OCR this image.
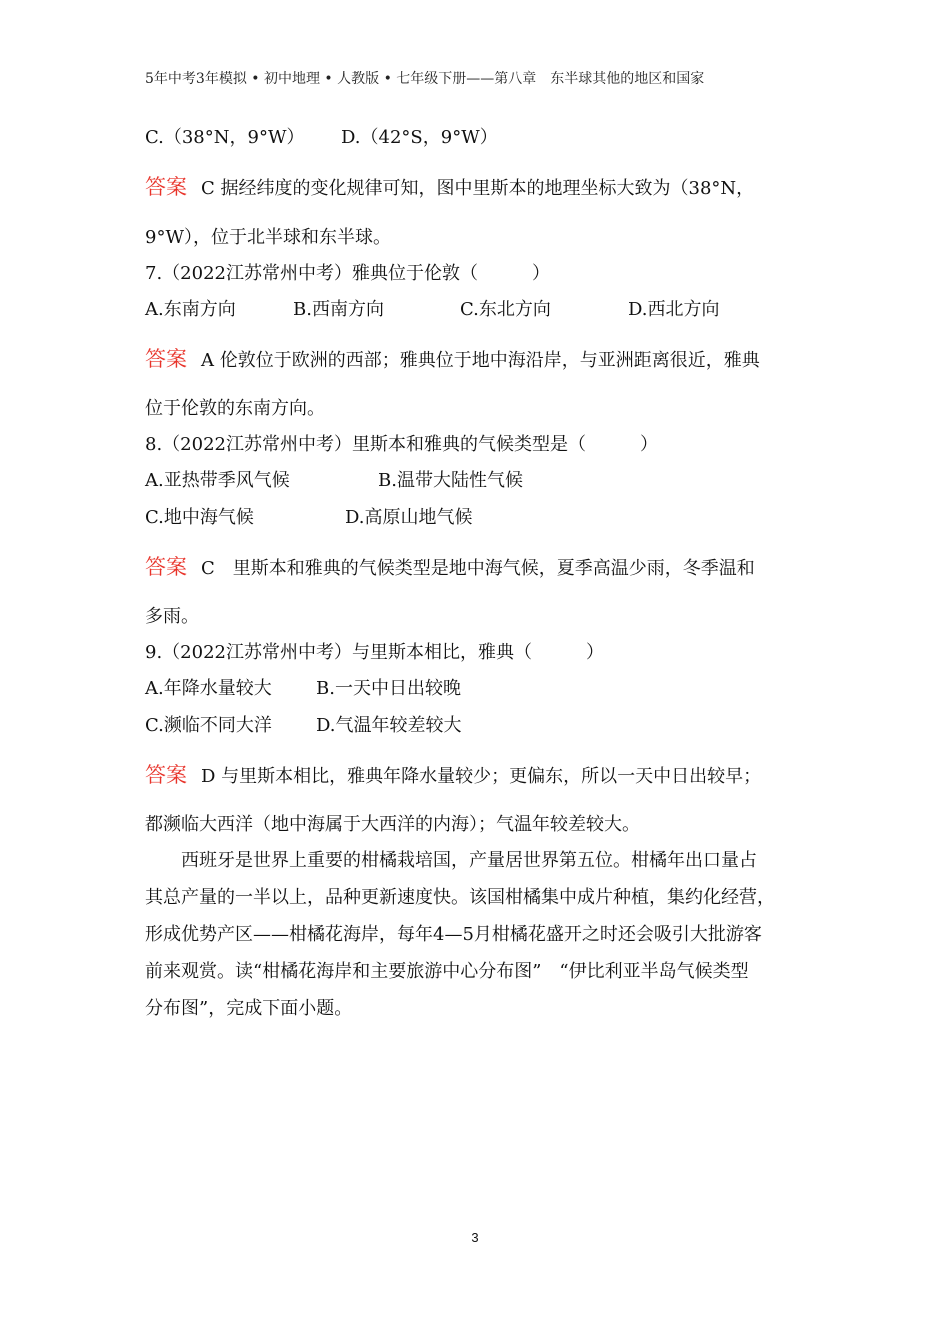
5年中考3年模拟 • 初中地理 • 人教版 • 七年级下册——第八章　东半球其他的地区和国家
C.（38°N，9°W） D.（42°S，9°W）
答案 C 据经纬度的变化规律可知，图中里斯本的地理坐标大致为（38°N，
9°W），位于北半球和东半球。
7.（2022江苏常州中考）雅典位于伦敦（　　　）
A.东南方向	B.西南方向	C.东北方向	D.西北方向
答案 A 伦敦位于欧洲的西部；雅典位于地中海沿岸，与亚洲距离很近，雅典
位于伦敦的东南方向。
8.（2022江苏常州中考）里斯本和雅典的气候类型是（　　　）
A.亚热带季风气候	B.温带大陆性气候
C.地中海气候	D.高原山地气候
答案 C　里斯本和雅典的气候类型是地中海气候，夏季高温少雨，冬季温和
多雨。
9.（2022江苏常州中考）与里斯本相比，雅典（　　　）
A.年降水量较大 B.一天中日出较晚
C.濒临不同大洋 D.气温年较差较大
答案 D 与里斯本相比，雅典年降水量较少；更偏东，所以一天中日出较早；
都濒临大西洋（地中海属于大西洋的内海）；气温年较差较大。
　　西班牙是世界上重要的柑橘栽培国，产量居世界第五位。柑橘年出口量占
其总产量的一半以上，品种更新速度快。该国柑橘集中成片种植，集约化经营，
形成优势产区——柑橘花海岸，每年4—5月柑橘花盛开之时还会吸引大批游客
前来观赏。读“柑橘花海岸和主要旅游中心分布图”　“伊比利亚半岛气候类型
分布图”，完成下面小题。
3
